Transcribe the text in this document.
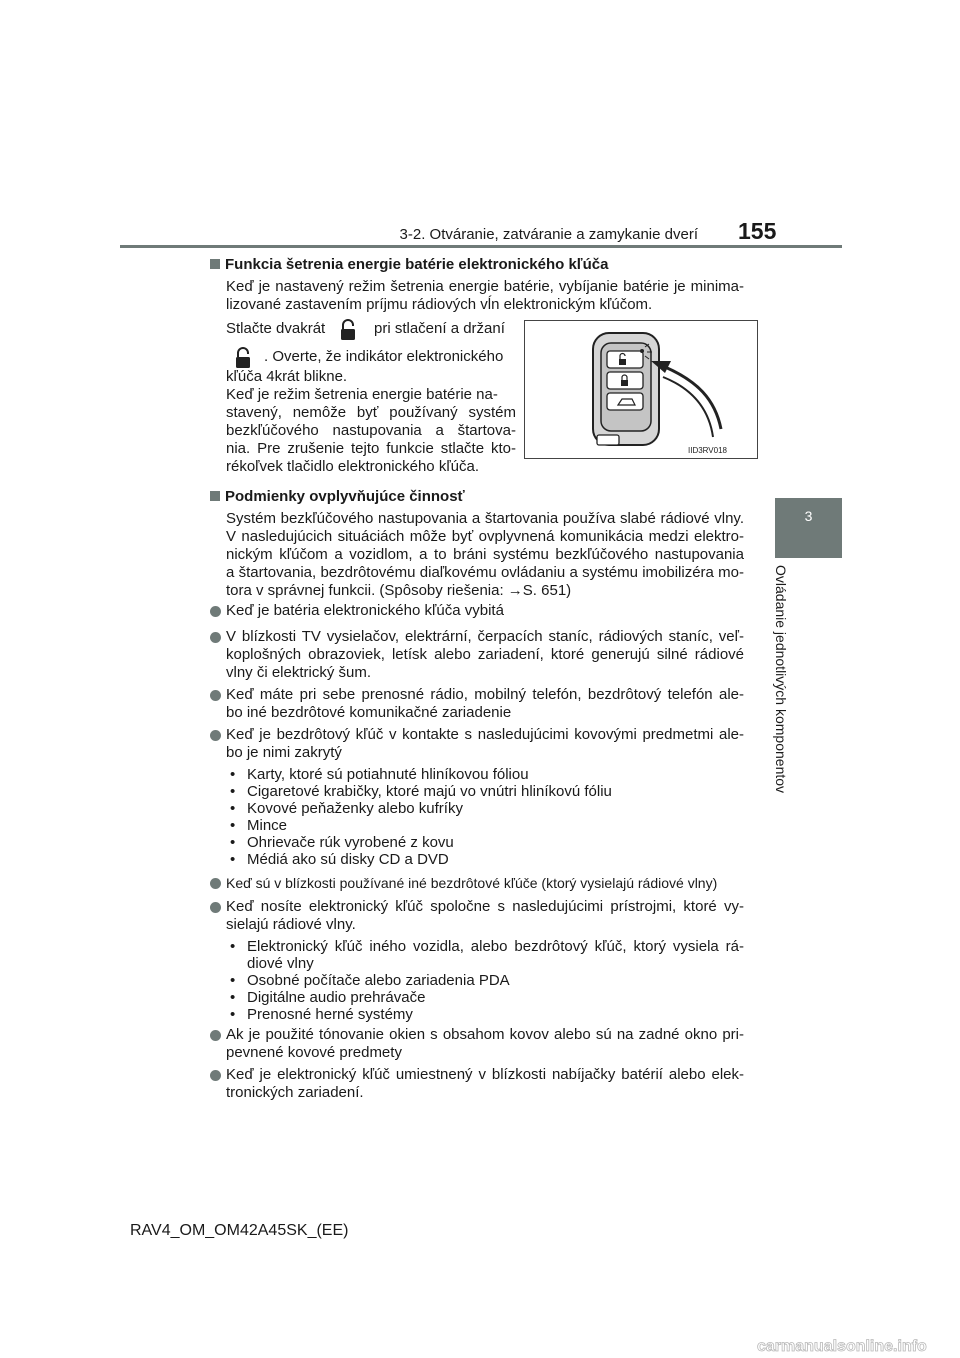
3-2. Otváranie, zatváranie a zamykanie dverí 155
3
Ovládanie jednotlivých komponentov
Funkcia šetrenia energie batérie elektronického kľúča
Keď je nastavený režim šetrenia energie batérie, vybíjanie batérie je minima-
lizované zastavením príjmu rádiových vĺn elektronickým kľúčom.
Stlačte dvakrát	pri stlačení a držaní
. Overte, že indikátor elektronického
kľúča 4krát blikne.
Keď je režim šetrenia energie batérie na-
stavený, nemôže byť používaný systém
bezkľúčového nastupovania a štartova-
nia. Pre zrušenie tejto funkcie stlačte kto-
rékoľvek tlačidlo elektronického kľúča.
IID3RV018
Podmienky ovplyvňujúce činnosť
Systém bezkľúčového nastupovania a štartovania používa slabé rádiové vlny.
V nasledujúcich situáciách môže byť ovplyvnená komunikácia medzi elektro-
nickým kľúčom a vozidlom, a to bráni systému bezkľúčového nastupovania
a štartovania, bezdrôtovému diaľkovému ovládaniu a systému imobilizéra mo-
tora v správnej funkcii. (Spôsoby riešenia: →S. 651)
Keď je batéria elektronického kľúča vybitá
V blízkosti TV vysielačov, elektrární, čerpacích staníc, rádiových staníc, veľ-
koplošných obrazoviek, letísk alebo zariadení, ktoré generujú silné rádiové
vlny či elektrický šum.
Keď máte pri sebe prenosné rádio, mobilný telefón, bezdrôtový telefón ale-
bo iné bezdrôtové komunikačné zariadenie
Keď je bezdrôtový kľúč v kontakte s nasledujúcimi kovovými predmetmi ale-
bo je nimi zakrytý
• Karty, ktoré sú potiahnuté hliníkovou fóliou
• Cigaretové krabičky, ktoré majú vo vnútri hliníkovú fóliu
• Kovové peňaženky alebo kufríky
• Mince
• Ohrievače rúk vyrobené z kovu
• Médiá ako sú disky CD a DVD
Keď sú v blízkosti používané iné bezdrôtové kľúče (ktorý vysielajú rádiové vlny)
Keď nosíte elektronický kľúč spoločne s nasledujúcimi prístrojmi, ktoré vy-
sielajú rádiové vlny.
• Elektronický kľúč iného vozidla, alebo bezdrôtový kľúč, ktorý vysiela rá-
diové vlny
• Osobné počítače alebo zariadenia PDA
• Digitálne audio prehrávače
• Prenosné herné systémy
Ak je použité tónovanie okien s obsahom kovov alebo sú na zadné okno pri-
pevnené kovové predmety
Keď je elektronický kľúč umiestnený v blízkosti nabíjačky batérií alebo elek-
tronických zariadení.
RAV4_OM_OM42A45SK_(EE)
carmanualsonline.info
